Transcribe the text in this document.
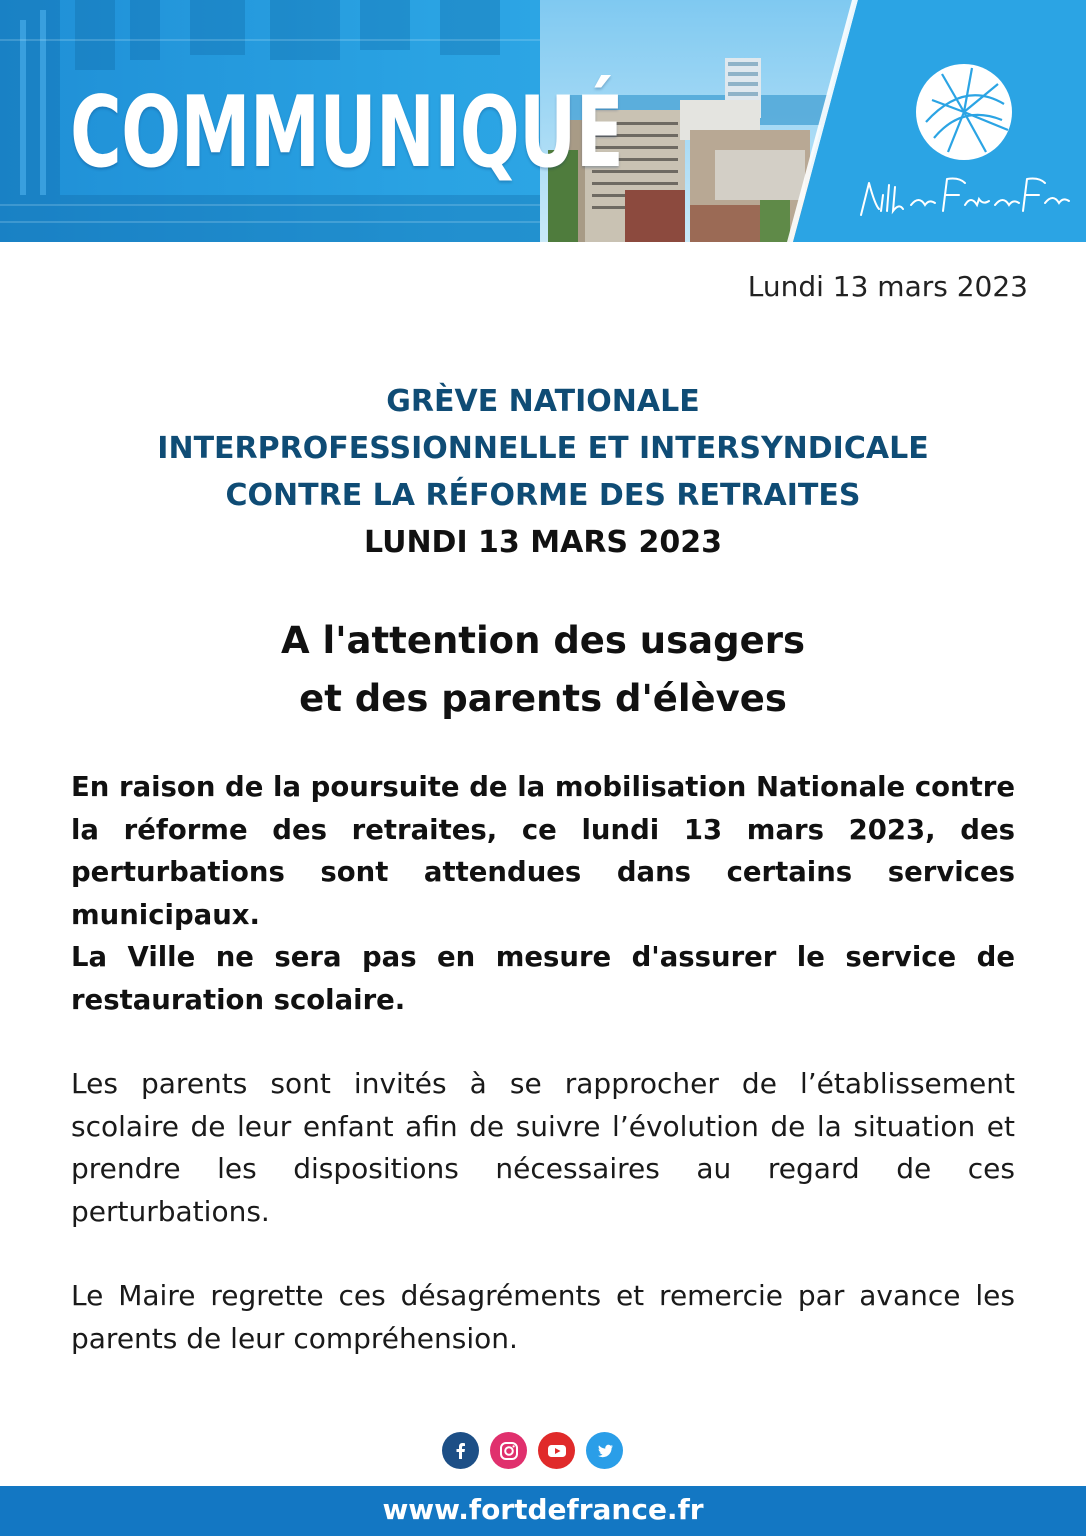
COMMUNIQUÉ
Lundi 13 mars 2023
GRÈVE NATIONALE
INTERPROFESSIONNELLE ET INTERSYNDICALE
CONTRE LA RÉFORME DES RETRAITES
LUNDI 13 MARS 2023
A l'attention des usagers
et des parents d'élèves
En raison de la poursuite de la mobilisation Nationale contre la réforme des retraites, ce lundi 13 mars 2023, des perturbations sont attendues dans certains services municipaux.
La Ville ne sera pas en mesure d'assurer le service de restauration scolaire.
Les parents sont invités à se rapprocher de l’établissement scolaire de leur enfant afin de suivre l’évolution de la situation et prendre les dispositions nécessaires au regard de ces perturbations.
Le Maire regrette ces désagréments et remercie par avance les parents de leur compréhension.
www.fortdefrance.fr
